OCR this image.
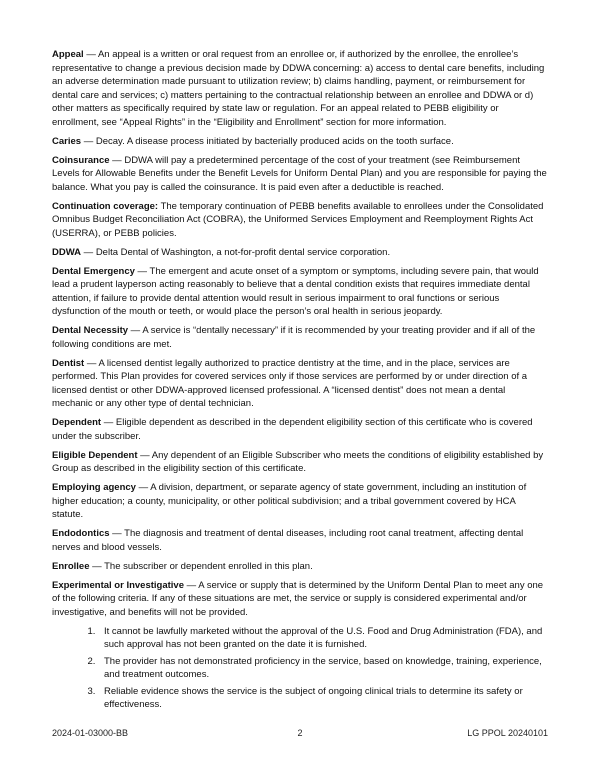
Appeal — An appeal is a written or oral request from an enrollee or, if authorized by the enrollee, the enrollee’s representative to change a previous decision made by DDWA concerning: a) access to dental care benefits, including an adverse determination made pursuant to utilization review; b) claims handling, payment, or reimbursement for dental care and services; c) matters pertaining to the contractual relationship between an enrollee and DDWA or d) other matters as specifically required by state law or regulation. For an appeal related to PEBB eligibility or enrollment, see “Appeal Rights” in the “Eligibility and Enrollment” section for more information.

Caries — Decay. A disease process initiated by bacterially produced acids on the tooth surface.

Coinsurance — DDWA will pay a predetermined percentage of the cost of your treatment (see Reimbursement Levels for Allowable Benefits under the Benefit Levels for Uniform Dental Plan) and you are responsible for paying the balance. What you pay is called the coinsurance. It is paid even after a deductible is reached.

Continuation coverage: The temporary continuation of PEBB benefits available to enrollees under the Consolidated Omnibus Budget Reconciliation Act (COBRA), the Uniformed Services Employment and Reemployment Rights Act (USERRA), or PEBB policies.

DDWA — Delta Dental of Washington, a not-for-profit dental service corporation.

Dental Emergency — The emergent and acute onset of a symptom or symptoms, including severe pain, that would lead a prudent layperson acting reasonably to believe that a dental condition exists that requires immediate dental attention, if failure to provide dental attention would result in serious impairment to oral functions or serious dysfunction of the mouth or teeth, or would place the person’s oral health in serious jeopardy.

Dental Necessity — A service is “dentally necessary” if it is recommended by your treating provider and if all of the following conditions are met.

Dentist — A licensed dentist legally authorized to practice dentistry at the time, and in the place, services are performed. This Plan provides for covered services only if those services are performed by or under direction of a licensed dentist or other DDWA-approved licensed professional. A “licensed dentist” does not mean a dental mechanic or any other type of dental technician.

Dependent — Eligible dependent as described in the dependent eligibility section of this certificate who is covered under the subscriber.

Eligible Dependent — Any dependent of an Eligible Subscriber who meets the conditions of eligibility established by Group as described in the eligibility section of this certificate.

Employing agency — A division, department, or separate agency of state government, including an institution of higher education; a county, municipality, or other political subdivision; and a tribal government covered by HCA statute.

Endodontics — The diagnosis and treatment of dental diseases, including root canal treatment, affecting dental nerves and blood vessels.

Enrollee — The subscriber or dependent enrolled in this plan.

Experimental or Investigative — A service or supply that is determined by the Uniform Dental Plan to meet any one of the following criteria. If any of these situations are met, the service or supply is considered experimental and/or investigative, and benefits will not be provided.

1. It cannot be lawfully marketed without the approval of the U.S. Food and Drug Administration (FDA), and such approval has not been granted on the date it is furnished.
2. The provider has not demonstrated proficiency in the service, based on knowledge, training, experience, and treatment outcomes.
3. Reliable evidence shows the service is the subject of ongoing clinical trials to determine its safety or effectiveness.
2024-01-03000-BB	2	LG PPOL 20240101
